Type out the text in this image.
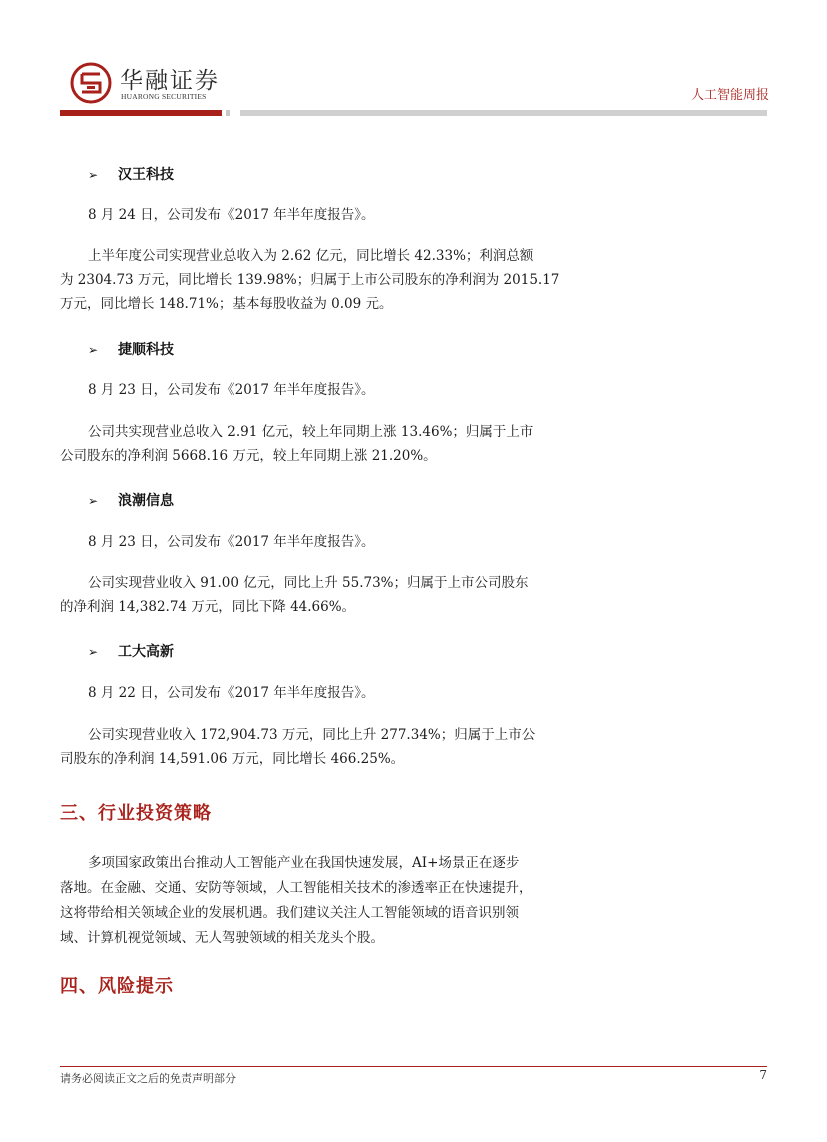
华融证券
HUARONG SECURITIES	人工智能周报
➢ 汉王科技
8 月 24 日，公司发布《2017 年半年度报告》。
上半年度公司实现营业总收入为 2.62 亿元，同比增长 42.33%；利润总额
为 2304.73 万元，同比增长 139.98%；归属于上市公司股东的净利润为 2015.17
万元，同比增长 148.71%；基本每股收益为 0.09 元。
➢ 捷顺科技
8 月 23 日，公司发布《2017 年半年度报告》。
公司共实现营业总收入 2.91 亿元，较上年同期上涨 13.46%；归属于上市
公司股东的净利润 5668.16 万元，较上年同期上涨 21.20%。
➢ 浪潮信息
8 月 23 日，公司发布《2017 年半年度报告》。
公司实现营业收入 91.00 亿元，同比上升 55.73%；归属于上市公司股东
的净利润 14,382.74 万元，同比下降 44.66%。
➢ 工大高新
8 月 22 日，公司发布《2017 年半年度报告》。
公司实现营业收入 172,904.73 万元，同比上升 277.34%；归属于上市公
司股东的净利润 14,591.06 万元，同比增长 466.25%。
三、行业投资策略
多项国家政策出台推动人工智能产业在我国快速发展，AI+场景正在逐步
落地。在金融、交通、安防等领域，人工智能相关技术的渗透率正在快速提升，
这将带给相关领域企业的发展机遇。我们建议关注人工智能领域的语音识别领
域、计算机视觉领域、无人驾驶领域的相关龙头个股。
四、风险提示
请务必阅读正文之后的免责声明部分	7
